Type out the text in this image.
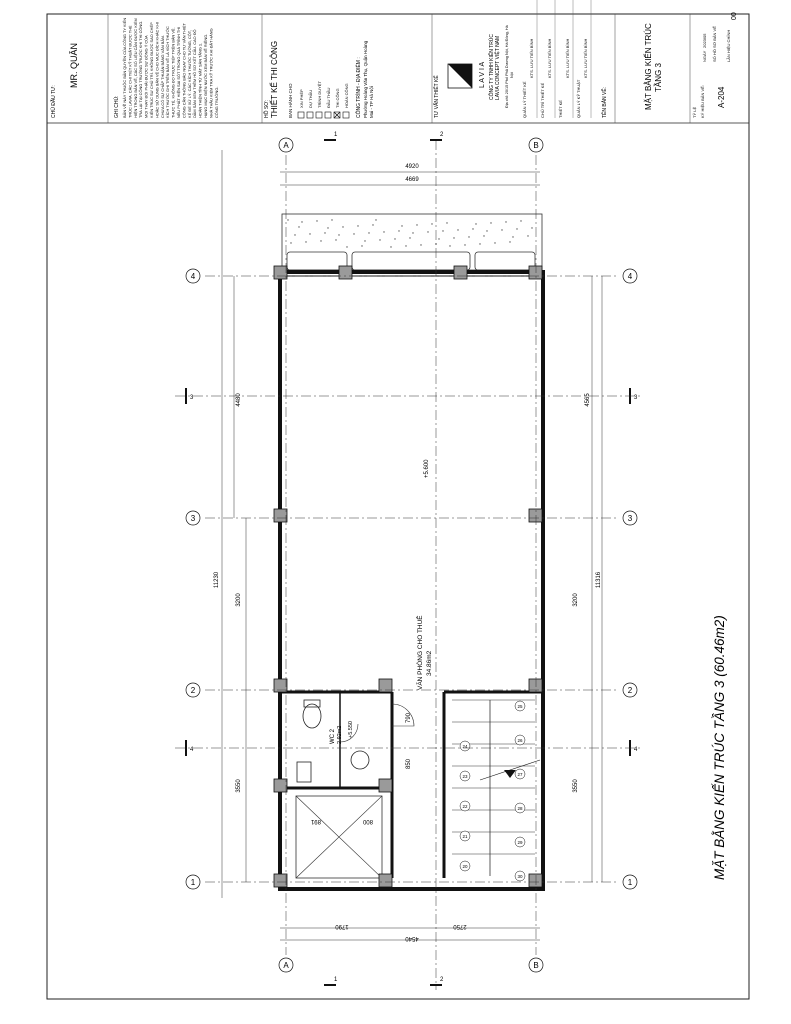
CHỦ ĐẦU TƯ:
MR. QUÂN
GHI CHÚ: BẢN VẼ NÀY THUỘC BẢN QUYỀN CỦA CÔNG TY KIẾN TRÚC LAVIA. CÁC CHI TIẾT KỸ THUẬT ĐƯỢC THỂ HIỆN TRONG BẢN VẼ, CÁC SỐ LIỆU CẦN ĐƯỢC KIỂM TRA LẠI TẠI CÔNG TRƯỜNG TRƯỚC KHI THI CÔNG. MỌI THAY ĐỔI PHẢI ĐƯỢC SỰ ĐỒNG Ý CỦA KIẾN TRÚC SƯ CHỦ TRÌ. KHÔNG ĐƯỢC SAO CHÉP HOẶC SỬ DỤNG BẢN VẼ CHO MỤC ĐÍCH KHÁC KHI CHƯA CÓ SỰ CHẤP THUẬN BẰNG VĂN BẢN. KÍCH THƯỚC GHI TRÊN BẢN VẼ LÀ KÍCH THƯỚC THỰC TẾ, KHÔNG ĐO TRỰC TIẾP TRÊN BẢN VẼ. NẾU PHÁT HIỆN SAI SÓT TRONG QUÁ TRÌNH THI CÔNG CẦN THÔNG BÁO NGAY CHO TƯ VẤN THIẾT KẾ ĐỂ XỬ LÝ. CÁC KÍCH THƯỚC TƯỜNG, CỘT, DẦM SÀN XEM THÊM HỒ SƠ KẾT CẤU. CAO ĐỘ HOÀN THIỆN TÍNH TỪ MẶT SÀN TẦNG 1. HẠNG MỤC ĐIỆN NƯỚC XEM BẢN VẼ RIÊNG. NHÀ THẦU KIỂM TRA KỸ TRƯỚC KHI ĐẶT HÀNG CÔNG TRƯỜNG.	HỒ SƠ: THIẾT KẾ THI CÔNG BAN HÀNH CHO XIN PHÉP DỰ THẦU TRÌNH DUYỆT ĐẤU THẦU THI CÔNG HOÀN CÔNG CÔNG TRÌNH - ĐỊA ĐIỂM : Phường Hoàng Văn Thụ, Quận Hoàng Mai - TP Hà Nội	TƯ VẤN THIẾT KẾ
L A V I A CÔNG TY TNHH KIẾN TRÚC LAVIA CONCEPT VIỆT NAM Địa chỉ: 20/15 Phố Phủ Dương Nội, Hà Đông, Hà Nội
QUẢN LÝ THIẾT KẾ
KTS. LƯU TIẾN BÌNH
CHỦ TRÌ THIẾT KẾ
KTS. LƯU TIẾN BÌNH
THIẾT KẾ
KTS. LƯU TIẾN BÌNH
QUẢN LÝ KỸ THUẬT
KTS. LƯU TIẾN BÌNH
TÊN BẢN VẼ:	MẶT BẰNG KIẾN TRÚC TẦNG 3
TỶ LỆ KÝ HIỆU BẢN VẼ: A-204
NGÀY
2023/05 SỐ HỒ SƠ BẢN VẼ LẦN HIỆU CHỈNH
00
20
21
22
23
24
25
26
27
28
29
30
1	1
2	2
3	3
4	4
A
A
B
B
1	2
1	2
3	3
4	4
VĂN PHÒNG CHO THUÊ 34.86m2
+5.600
WC 2 2.92m2 +5.550
4920
4669
1790	2750
4540
11230
4480
3200
3550
4565
3200
11316
3550
790
850
800
891	MẶT BẰNG KIẾN TRÚC TẦNG 3 (60.46m2)
